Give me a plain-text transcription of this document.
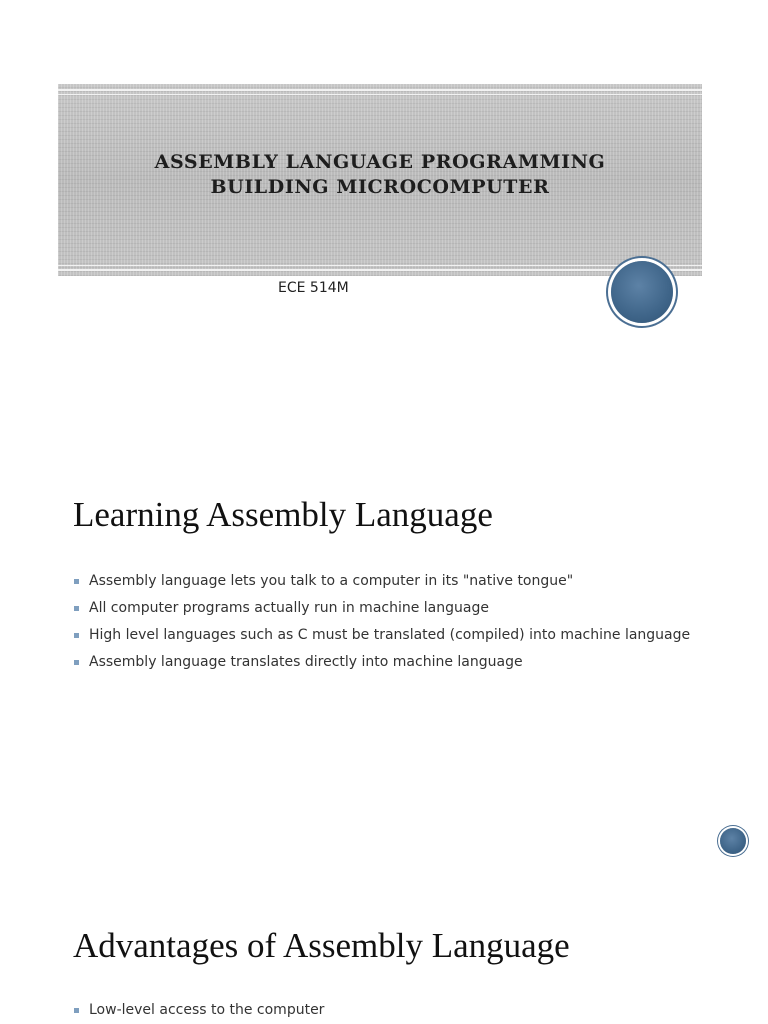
ASSEMBLY LANGUAGE PROGRAMMING
BUILDING MICROCOMPUTER
ECE 514M
Learning Assembly Language
Assembly language lets you talk to a computer in its "native tongue"
All computer programs actually run in machine language
High level languages such as C must be translated (compiled) into machine language
Assembly language translates directly into machine language
Advantages of Assembly Language
Low-level access to the computer
